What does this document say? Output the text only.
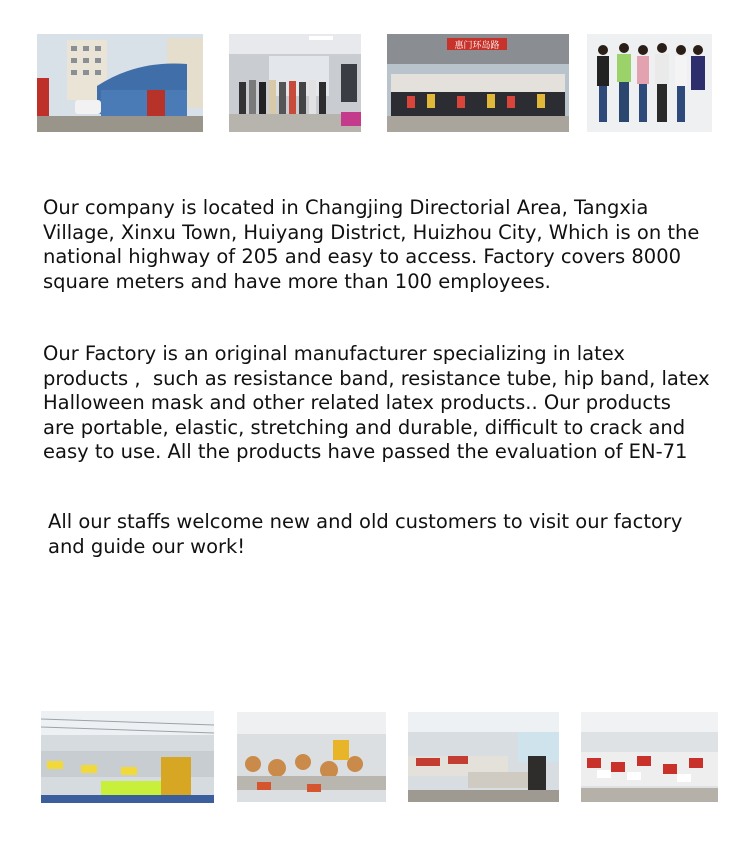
惠门环岛路

Our company is located in Changjing Directorial Area, Tangxia
Village, Xinxu Town, Huiyang District, Huizhou City, Which is on the
national highway of 205 and easy to access. Factory covers 8000
square meters and have more than 100 employees.

Our Factory is an original manufacturer specializing in latex
products ,  such as resistance band, resistance tube, hip band, latex
Halloween mask and other related latex products.. Our products
are portable, elastic, stretching and durable, difficult to crack and
easy to use. All the products have passed the evaluation of EN-71

All our staffs welcome new and old customers to visit our factory
and guide our work!
